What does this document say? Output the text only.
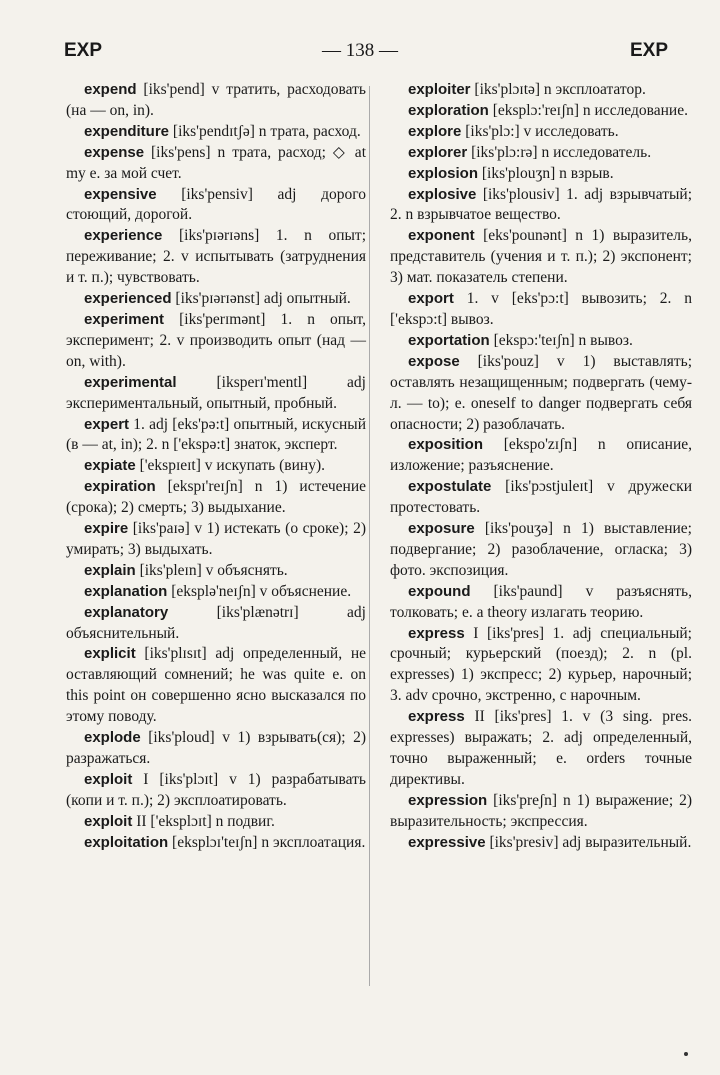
EXP	— 138 —	EXP

expend [iks'pend] v тратить, расходовать (на — on, in).

expenditure [iks'pendɪtʃə] n трата, расход.

expense [iks'pens] n трата, расход; ◇ at my e. за мой счет.

expensive [iks'pensiv] adj дорого стоющий, дорогой.

experience [iks'pɪərɪəns] 1. n опыт; переживание; 2. v испытывать (затруднения и т. п.); чувствовать.

experienced [iks'pɪərɪənst] adj опытный.

experiment [iks'perɪmənt] 1. n опыт, эксперимент; 2. v производить опыт (над — on, with).

experimental [iksperɪ'mentl] adj экспериментальный, опытный, пробный.

expert 1. adj [eks'pə:t] опытный, искусный (в — at, in); 2. n ['ekspə:t] знаток, эксперт.

expiate ['ekspɪeɪt] v искупать (вину).

expiration [ekspɪ'reɪʃn] n 1) истечение (срока); 2) смерть; 3) выдыхание.

expire [iks'paɪə] v 1) истекать (о сроке); 2) умирать; 3) выдыхать.

explain [iks'pleɪn] v объяснять.

explanation [eksplə'neɪʃn] v объяснение.

explanatory [iks'plænətrɪ] adj объяснительный.

explicit [iks'plɪsɪt] adj определенный, не оставляющий сомнений; he was quite e. on this point он совершенно ясно высказался по этому поводу.

explode [iks'ploud] v 1) взрывать(ся); 2) разражаться.

exploit I [iks'plɔɪt] v 1) разрабатывать (копи и т. п.); 2) эксплоатировать.

exploit II ['eksplɔɪt] n подвиг.

exploitation [eksplɔɪ'teɪʃn] n эксплоатация.

exploiter [iks'plɔɪtə] n эксплоататор.

exploration [eksplɔ:'reɪʃn] n исследование.

explore [iks'plɔ:] v исследовать.

explorer [iks'plɔ:rə] n исследователь.

explosion [iks'plouʒn] n взрыв.

explosive [iks'plousiv] 1. adj взрывчатый; 2. n взрывчатое вещество.

exponent [eks'pounənt] n 1) выразитель, представитель (учения и т. п.); 2) экспонент; 3) мат. показатель степени.

export 1. v [eks'pɔ:t] вывозить; 2. n ['ekspɔ:t] вывоз.

exportation [ekspɔ:'teɪʃn] n вывоз.

expose [iks'pouz] v 1) выставлять; оставлять незащищенным; подвергать (чему-л. — to); e. oneself to danger подвергать себя опасности; 2) разоблачать.

exposition [ekspo'zɪʃn] n описание, изложение; разъяснение.

expostulate [iks'pɔstjuleɪt] v дружески протестовать.

exposure [iks'pouʒə] n 1) выставление; подвергание; 2) разоблачение, огласка; 3) фото. экспозиция.

expound [iks'paund] v разъяснять, толковать; e. a theory излагать теорию.

express I [iks'pres] 1. adj специальный; срочный; курьерский (поезд); 2. n (pl. expresses) 1) экспресс; 2) курьер, нарочный; 3. adv срочно, экстренно, с нарочным.

express II [iks'pres] 1. v (3 sing. pres. expresses) выражать; 2. adj определенный, точно выраженный; e. orders точные директивы.

expression [iks'preʃn] n 1) выражение; 2) выразительность; экспрессия.

expressive [iks'presiv] adj выразительный.
